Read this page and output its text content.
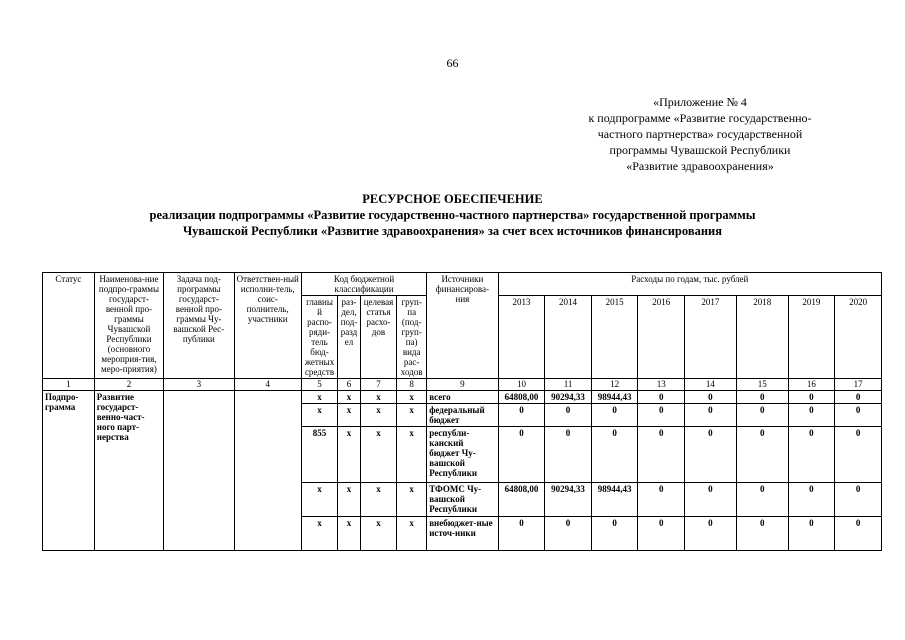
66
«Приложение № 4
к подпрограмме «Развитие государственно-
частного партнерства» государственной
программы Чувашской Республики
«Развитие здравоохранения»
РЕСУРСНОЕ ОБЕСПЕЧЕНИЕ
реализации подпрограммы «Развитие государственно-частного партнерства» государственной программы
Чувашской Республики «Развитие здравоохранения» за счет всех источников финансирования
Статус	Наименова-ние подпро-граммы государст-венной про-граммы Чувашской Республики (основного мероприя-тия, меро-приятия)	Задача под-программы государст-венной про-граммы Чу-вашской Рес-публики	Ответствен-ный исполни-тель, соис-полнитель, участники	Код бюджетной классификации				Источники финансирова-ния	Расходы по годам, тыс. рублей							
				главный распо-ряди-тель бюд-жетных средств	раз-дел, под-раздел	целевая статья расхо-дов	груп-па (под-груп-па) вида рас-ходов		2013	2014	2015	2016	2017	2018	2019	2020

1	2	3	4	5	6	7	8	9	10	11	12	13	14	15	16	17
Подпро-грамма	Развитие государст-венно-част-ного парт-нерства			x	x	x	x	всего	64808,00	90294,33	98944,43	0	0	0	0	0
				x	x	x	x	федеральный бюджет	0	0	0	0	0	0	0	0
				855	x	x	x	республи-канский бюджет Чу-вашской Республики	0	0	0	0	0	0	0	0
				x	x	x	x	ТФОМС Чу-вашской Республики	64808,00	90294,33	98944,43	0	0	0	0	0
				x	x	x	x	внебюджет-ные источ-ники	0	0	0	0	0	0	0	0
